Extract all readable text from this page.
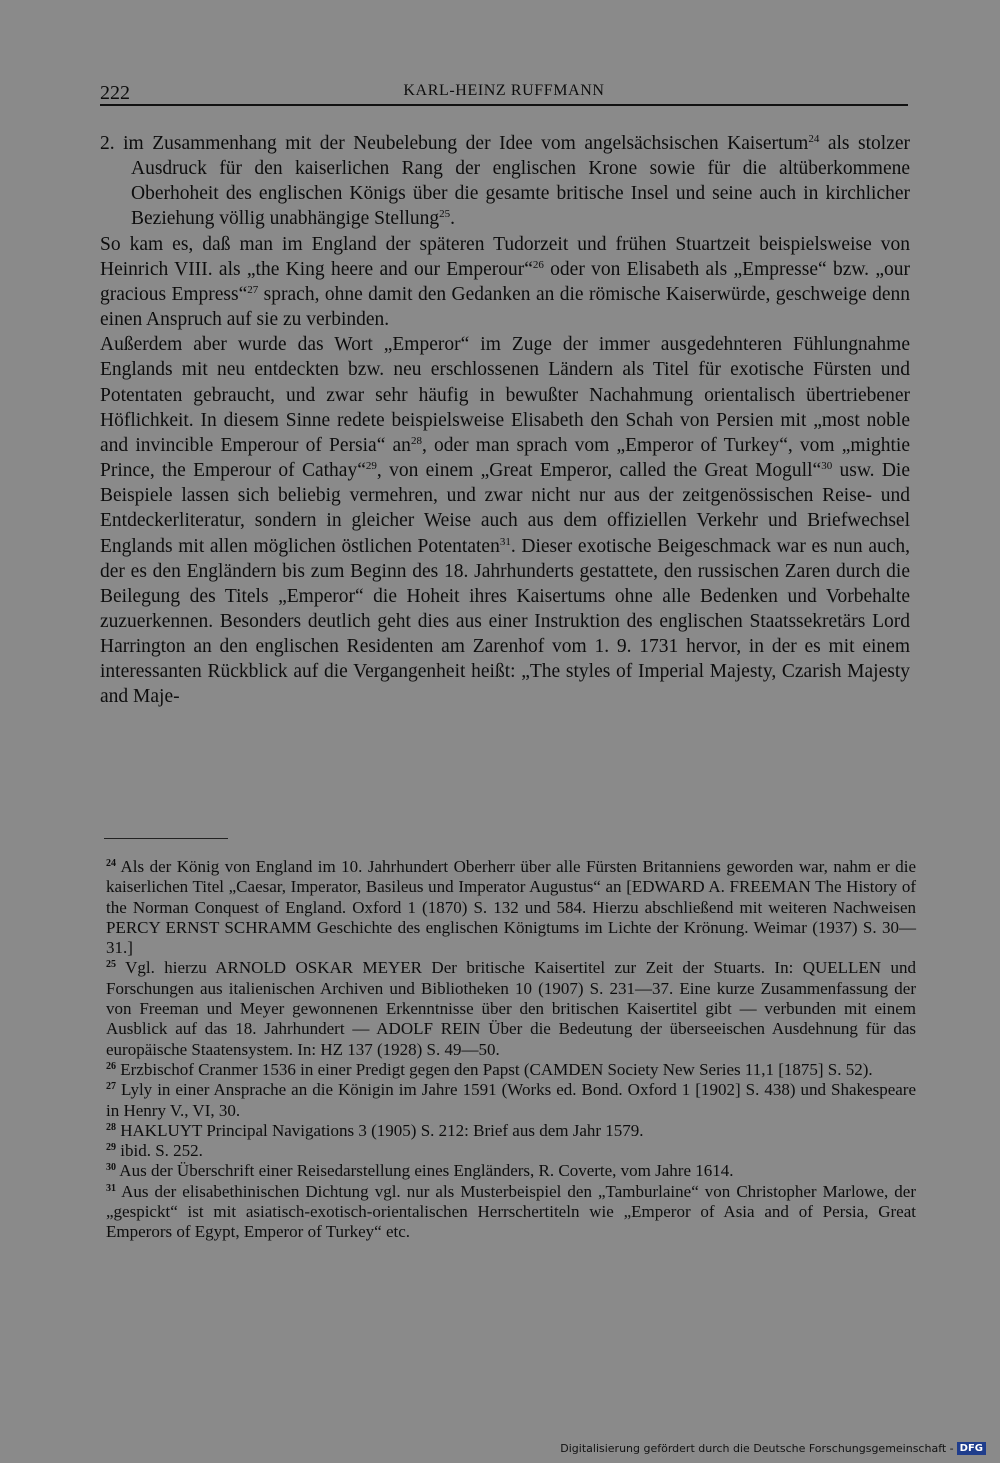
222	KARL-HEINZ RUFFMANN

2. im Zusammenhang mit der Neubelebung der Idee vom angelsächsischen Kaisertum$^{24}$ als stolzer Ausdruck für den kaiserlichen Rang der englischen Krone sowie für die altüberkommene Oberhoheit des englischen Königs über die gesamte britische Insel und seine auch in kirchlicher Beziehung völlig unabhängige Stellung$^{25}$.

So kam es, daß man im England der späteren Tudorzeit und frühen Stuartzeit beispielsweise von Heinrich VIII. als „the King heere and our Emperour“$^{26}$ oder von Elisabeth als „Empresse“ bzw. „our gracious Empress“$^{27}$ sprach, ohne damit den Gedanken an die römische Kaiserwürde, geschweige denn einen Anspruch auf sie zu verbinden.

Außerdem aber wurde das Wort „Emperor“ im Zuge der immer ausgedehnteren Fühlungnahme Englands mit neu entdeckten bzw. neu erschlossenen Ländern als Titel für exotische Fürsten und Potentaten gebraucht, und zwar sehr häufig in bewußter Nachahmung orientalisch übertriebener Höflichkeit. In diesem Sinne redete beispielsweise Elisabeth den Schah von Persien mit „most noble and invincible Emperour of Persia“ $an^{28}$, oder man sprach vom „Emperor of Turkey“, vom „mightie Prince, the Emperour of Cathay“$^{29}$, von einem „Great Emperor, called the Great Mogull“$^{30}$ usw. Die Beispiele lassen sich beliebig vermehren, und zwar nicht nur aus der zeitgenössischen Reise- und Entdeckerliteratur, sondern in gleicher Weise auch aus dem offiziellen Verkehr und Briefwechsel Englands mit allen möglichen östlichen Potentaten$^{31}$. Dieser exotische Beigeschmack war es nun auch, der es den Engländern bis zum Beginn des 18. Jahrhunderts gestattete, den russischen Zaren durch die Beilegung des Titels „Emperor“ die Hoheit ihres Kaisertums ohne alle Bedenken und Vorbehalte zuzuerkennen. Besonders deutlich geht dies aus einer Instruktion des englischen Staatssekretärs Lord Harrington an den englischen Residenten am Zarenhof vom 1. 9. 1731 hervor, in der es mit einem interessanten Rückblick auf die Vergangenheit heißt: „The styles of Imperial Majesty, Czarish Majesty and Maje-

$^{24}$ Als der König von England im 10. Jahrhundert Oberherr über alle Fürsten Britanniens geworden war, nahm er die kaiserlichen Titel „Caesar, Imperator, Basileus und Imperator Augustus“ an [EDWARD A. FREEMAN The History of the Norman Conquest of England. Oxford 1 (1870) S. 132 und 584. Hierzu abschließend mit weiteren Nachweisen PERCY ERNST SCHRAMM Geschichte des englischen Königtums im Lichte der Krönung. Weimar (1937) S. 30—31.]

$^{25}$ Vgl. hierzu ARNOLD OSKAR MEYER Der britische Kaisertitel zur Zeit der Stuarts. In: QUELLEN und Forschungen aus italienischen Archiven und Bibliotheken 10 (1907) S. 231—37. Eine kurze Zusammenfassung der von Freeman und Meyer gewonnenen Erkenntnisse über den britischen Kaisertitel gibt — verbunden mit einem Ausblick auf das 18. Jahrhundert — ADOLF REIN Über die Bedeutung der überseeischen Ausdehnung für das europäische Staatensystem. In: HZ 137 (1928) S. 49—50.

$^{26}$ Erzbischof Cranmer 1536 in einer Predigt gegen den Papst (CAMDEN Society New Series 11,1 [1875] S. 52).

$^{27}$ Lyly in einer Ansprache an die Königin im Jahre 1591 (Works ed. Bond. Oxford 1 [1902] S. 438) und Shakespeare in Henry V., VI, 30.

$^{28}$ HAKLUYT Principal Navigations 3 (1905) S. 212: Brief aus dem Jahr 1579.

$^{29}$ ibid. S. 252.

$^{30}$ Aus der Überschrift einer Reisedarstellung eines Engländers, R. Coverte, vom Jahre 1614.

$^{31}$ Aus der elisabethinischen Dichtung vgl. nur als Musterbeispiel den „Tamburlaine“ von Christopher Marlowe, der „gespickt“ ist mit asiatisch-exotisch-orientalischen Herrschertiteln wie „Emperor of Asia and of Persia, Great Emperors of Egypt, Emperor of Turkey“ etc.

Digitalisierung gefördert durch die Deutsche Forschungsgemeinschaft - DFG
